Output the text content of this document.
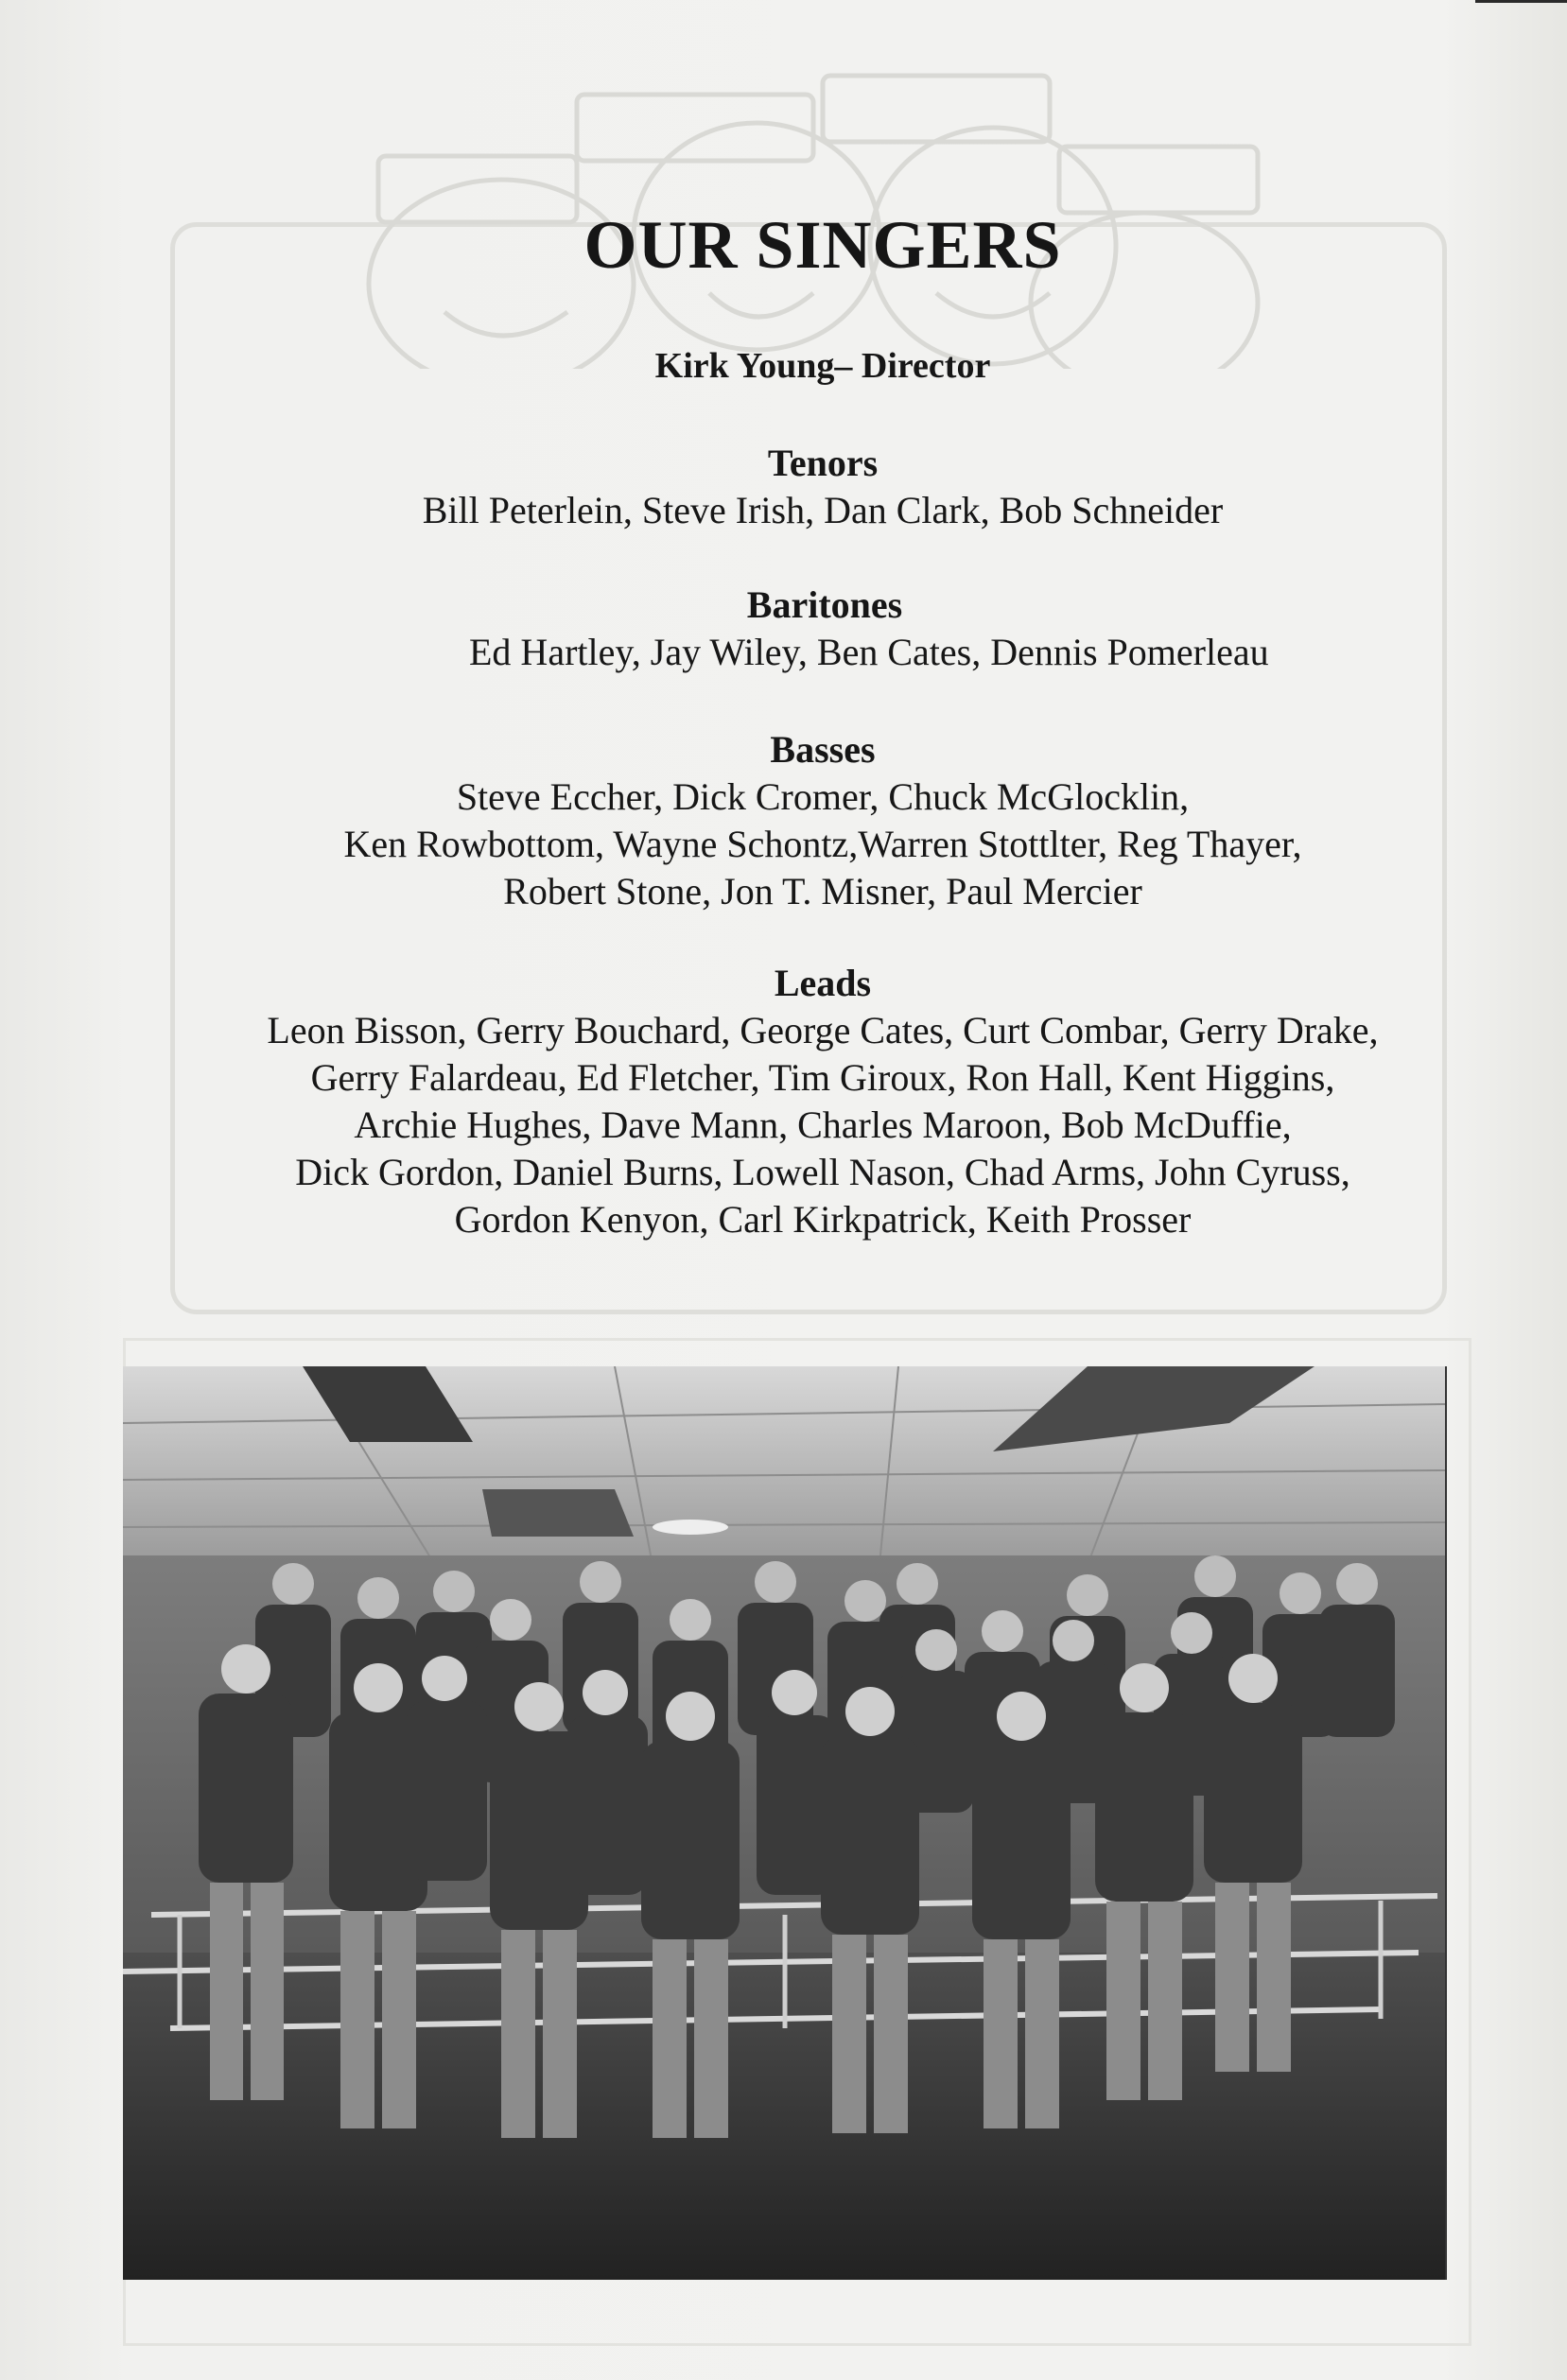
OUR SINGERS
Kirk Young– Director
Tenors
Bill Peterlein, Steve Irish, Dan Clark, Bob Schneider
Baritones
Ed Hartley, Jay Wiley, Ben Cates, Dennis Pomerleau
Basses
Steve Eccher, Dick Cromer, Chuck McGlocklin,
Ken Rowbottom, Wayne Schontz,Warren Stottlter, Reg Thayer,
Robert Stone, Jon T. Misner, Paul Mercier
Leads
Leon Bisson, Gerry Bouchard, George Cates, Curt Combar, Gerry Drake,
Gerry Falardeau, Ed Fletcher, Tim Giroux, Ron Hall, Kent Higgins,
Archie Hughes, Dave Mann, Charles Maroon, Bob McDuffie,
Dick Gordon, Daniel Burns, Lowell Nason, Chad Arms, John Cyruss,
Gordon Kenyon, Carl Kirkpatrick, Keith Prosser
